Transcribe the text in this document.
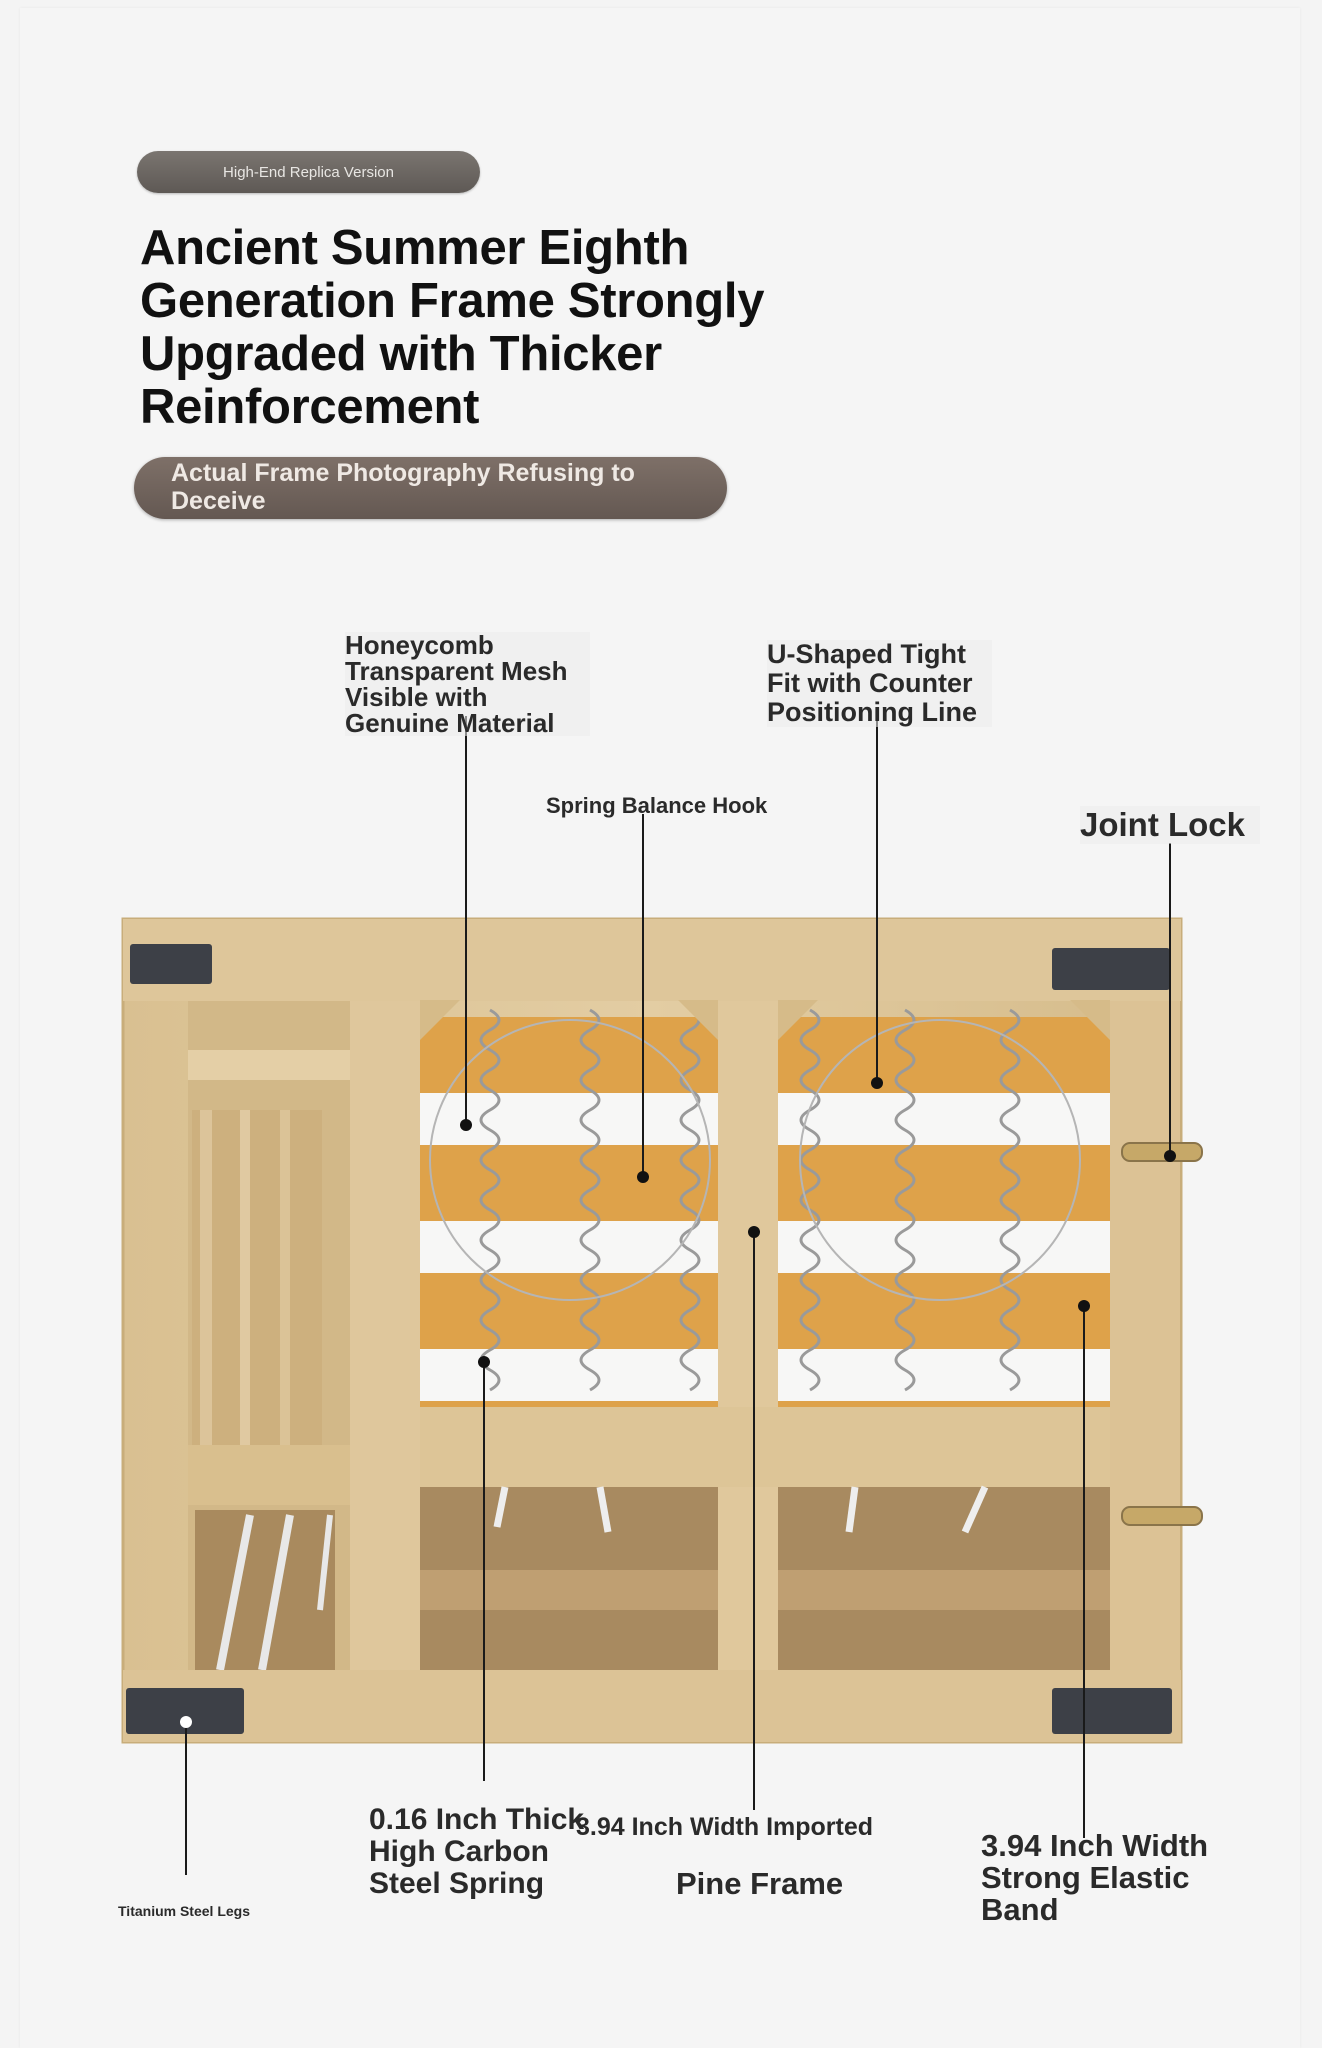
High-End Replica Version
Ancient Summer Eighth Generation Frame Strongly Upgraded with Thicker Reinforcement
Actual Frame Photography Refusing to Deceive
Honeycomb Transparent Mesh Visible with Genuine Material
Spring Balance Hook
U-Shaped Tight Fit with Counter Positioning Line
Joint Lock
0.16 Inch Thick High Carbon Steel Spring
3.94 Inch Width Imported
Pine Frame
3.94 Inch Width Strong Elastic Band
Titanium Steel Legs
